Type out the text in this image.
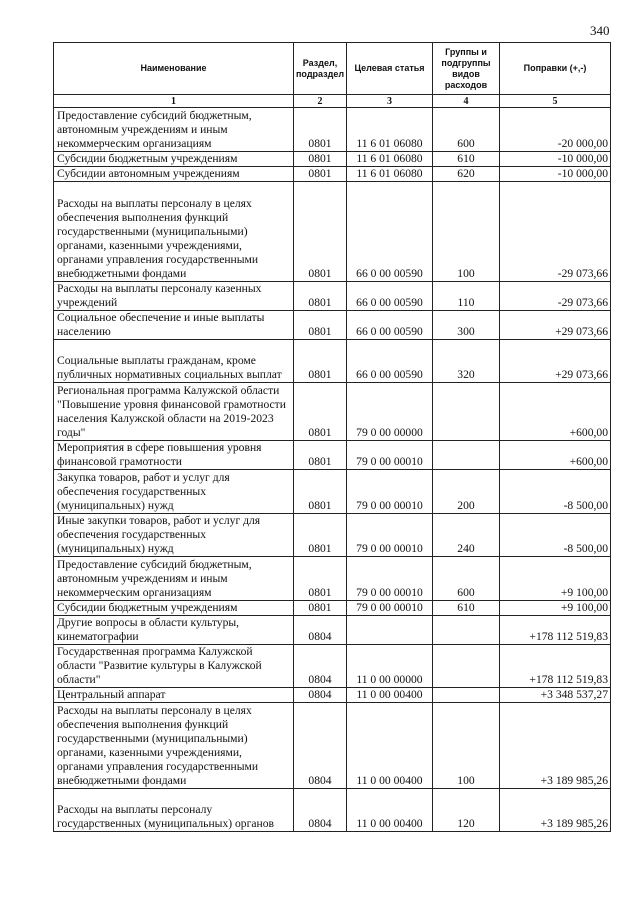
340
Наименование	Раздел, подраздел	Целевая статья	Группы и подгруппы видов расходов	Поправки (+,-)
1	2	3	4	5
Предоставление субсидий бюджетным, автономным учреждениям и иным некоммерческим организациям	0801	11 6 01 06080	600	-20 000,00
Субсидии бюджетным учреждениям	0801	11 6 01 06080	610	-10 000,00
Субсидии автономным учреждениям	0801	11 6 01 06080	620	-10 000,00
Расходы на выплаты персоналу в целях обеспечения выполнения функций государственными (муниципальными) органами, казенными учреждениями, органами управления государственными внебюджетными фондами	0801	66 0 00 00590	100	-29 073,66
Расходы на выплаты персоналу казенных учреждений	0801	66 0 00 00590	110	-29 073,66
Социальное обеспечение и иные выплаты населению	0801	66 0 00 00590	300	+29 073,66
Социальные выплаты гражданам, кроме публичных нормативных социальных выплат	0801	66 0 00 00590	320	+29 073,66
Региональная программа Калужской области "Повышение уровня финансовой грамотности населения Калужской области на 2019-2023 годы"	0801	79 0 00 00000		+600,00
Мероприятия в сфере повышения уровня финансовой грамотности	0801	79 0 00 00010		+600,00
Закупка товаров, работ и услуг для обеспечения государственных (муниципальных) нужд	0801	79 0 00 00010	200	-8 500,00
Иные закупки товаров, работ и услуг для обеспечения государственных (муниципальных) нужд	0801	79 0 00 00010	240	-8 500,00
Предоставление субсидий бюджетным, автономным учреждениям и иным некоммерческим организациям	0801	79 0 00 00010	600	+9 100,00
Субсидии бюджетным учреждениям	0801	79 0 00 00010	610	+9 100,00
Другие вопросы в области культуры, кинематографии	0804			+178 112 519,83
Государственная программа Калужской области "Развитие культуры в Калужской области"	0804	11 0 00 00000		+178 112 519,83
Центральный аппарат	0804	11 0 00 00400		+3 348 537,27
Расходы на выплаты персоналу в целях обеспечения выполнения функций государственными (муниципальными) органами, казенными учреждениями, органами управления государственными внебюджетными фондами	0804	11 0 00 00400	100	+3 189 985,26
Расходы на выплаты персоналу государственных (муниципальных) органов	0804	11 0 00 00400	120	+3 189 985,26
